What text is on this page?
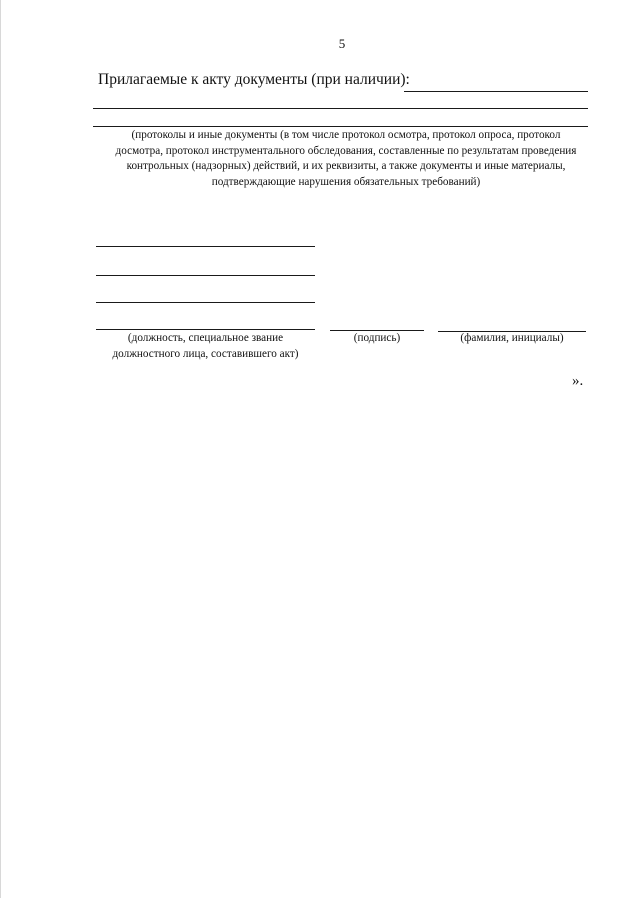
5
Прилагаемые к акту документы (при наличии):
(протоколы и иные документы (в том числе протокол осмотра, протокол опроса, протокол досмотра, протокол инструментального обследования, составленные по результатам проведения контрольных (надзорных) действий, и их реквизиты, а также документы и иные материалы, подтверждающие нарушения обязательных требований)
(должность, специальное звание
должностного лица, составившего акт)
(подпись)	(фамилия, инициалы)
».
